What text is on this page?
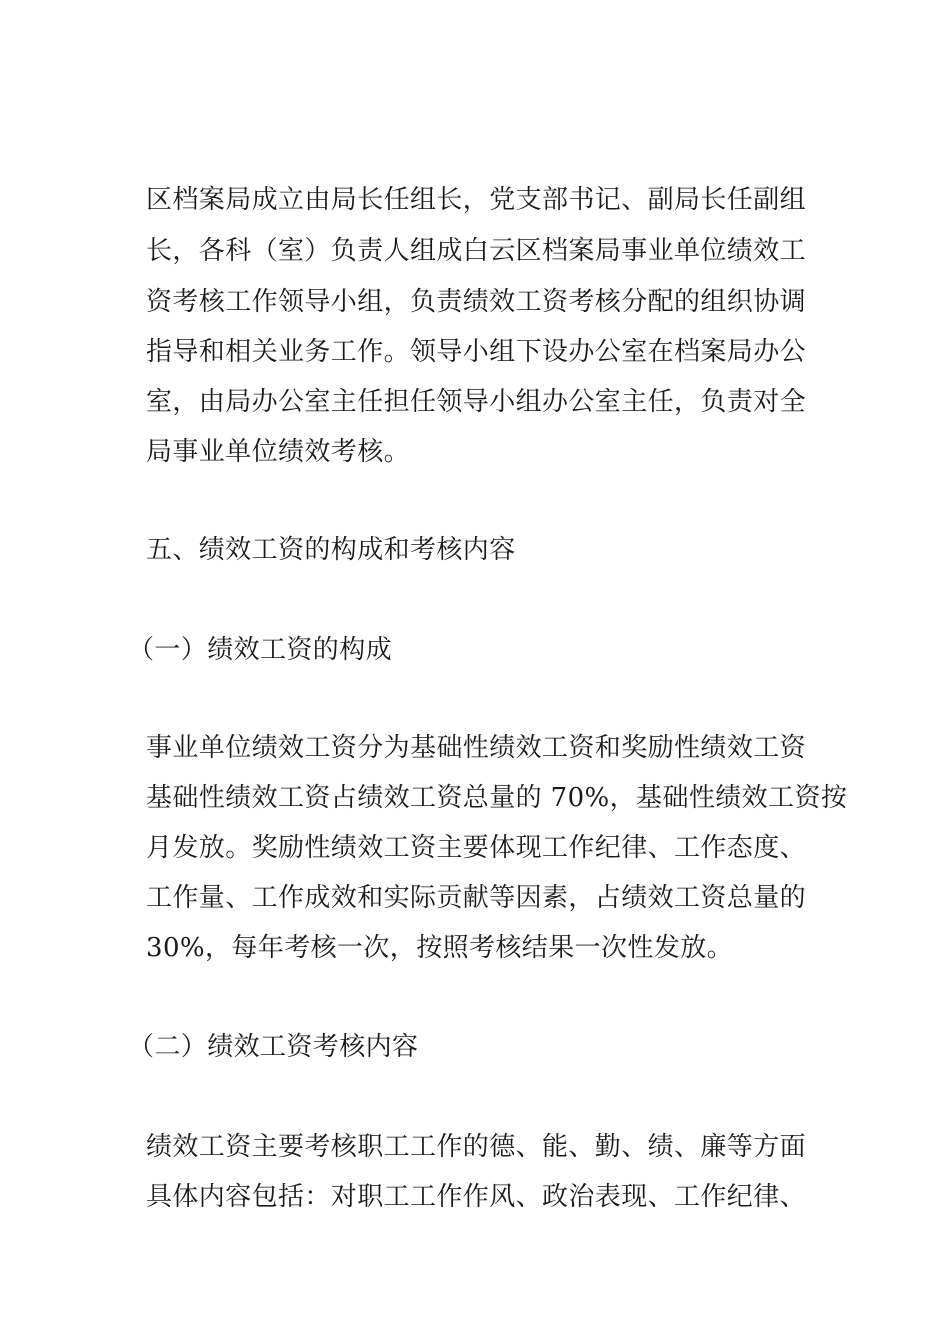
区档案局成立由局长任组长，党支部书记、副局长任副组
长，各科（室）负责人组成白云区档案局事业单位绩效工
资考核工作领导小组，负责绩效工资考核分配的组织协调
指导和相关业务工作。领导小组下设办公室在档案局办公
室，由局办公室主任担任领导小组办公室主任，负责对全
局事业单位绩效考核。
五、绩效工资的构成和考核内容
（一）绩效工资的构成
事业单位绩效工资分为基础性绩效工资和奖励性绩效工资
基础性绩效工资占绩效工资总量的 70%，基础性绩效工资按
月发放。奖励性绩效工资主要体现工作纪律、工作态度、
工作量、工作成效和实际贡献等因素，占绩效工资总量的
30%，每年考核一次，按照考核结果一次性发放。
（二）绩效工资考核内容
绩效工资主要考核职工工作的德、能、勤、绩、廉等方面
具体内容包括：对职工工作作风、政治表现、工作纪律、
